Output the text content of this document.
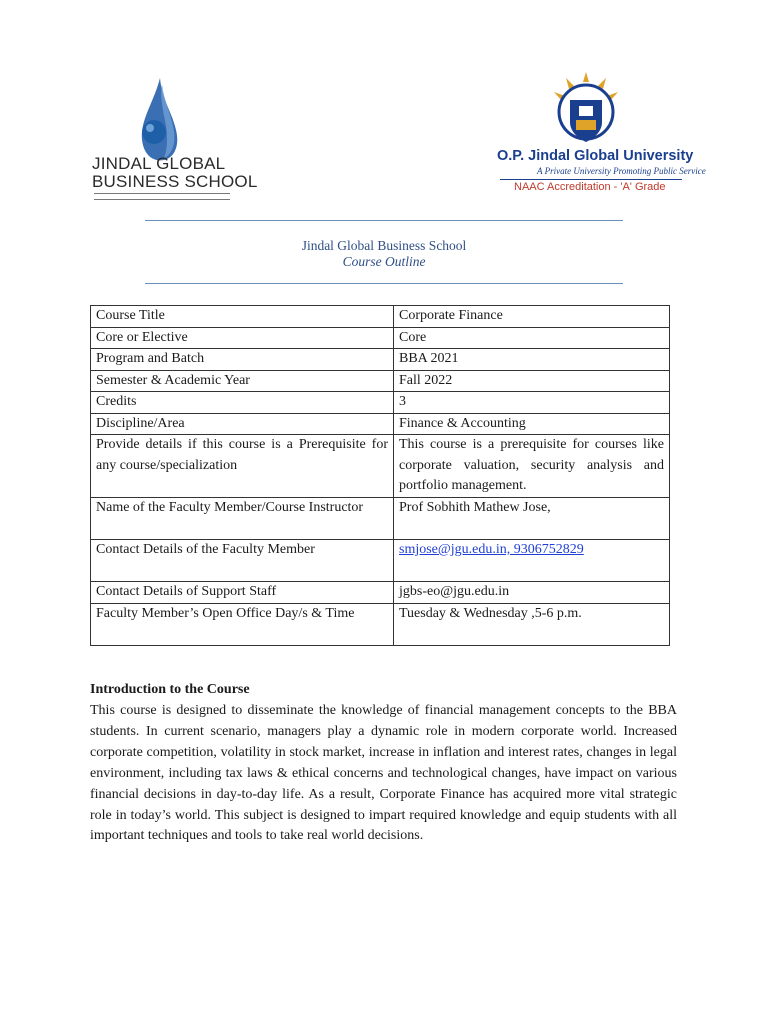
JINDAL GLOBAL
BUSINESS SCHOOL
O.P. Jindal Global University
A Private University Promoting Public Service
NAAC Accreditation - 'A' Grade
Jindal Global Business School
Course Outline
Course Title	Corporate Finance
Core or Elective	Core
Program and Batch	BBA 2021
Semester & Academic Year	Fall 2022
Credits	3
Discipline/Area	Finance & Accounting
Provide details if this course is a Prerequisite for any course/specialization	This course is a prerequisite for courses like corporate valuation, security analysis and portfolio management.
Name of the Faculty Member/Course Instructor	Prof Sobhith Mathew Jose,
Contact Details of the Faculty Member	smjose@jgu.edu.in, 9306752829
Contact Details of Support Staff	jgbs-eo@jgu.edu.in
Faculty Member’s Open Office Day/s & Time	Tuesday & Wednesday ,5-6 p.m.
Introduction to the Course
This course is designed to disseminate the knowledge of financial management concepts to the BBA students. In current scenario, managers play a dynamic role in modern corporate world. Increased corporate competition, volatility in stock market, increase in inflation and interest rates, changes in legal environment, including tax laws & ethical concerns and technological changes, have impact on various financial decisions in day-to-day life. As a result, Corporate Finance has acquired more vital strategic role in today’s world. This subject is designed to impart required knowledge and equip students with all important techniques and tools to take real world decisions.
